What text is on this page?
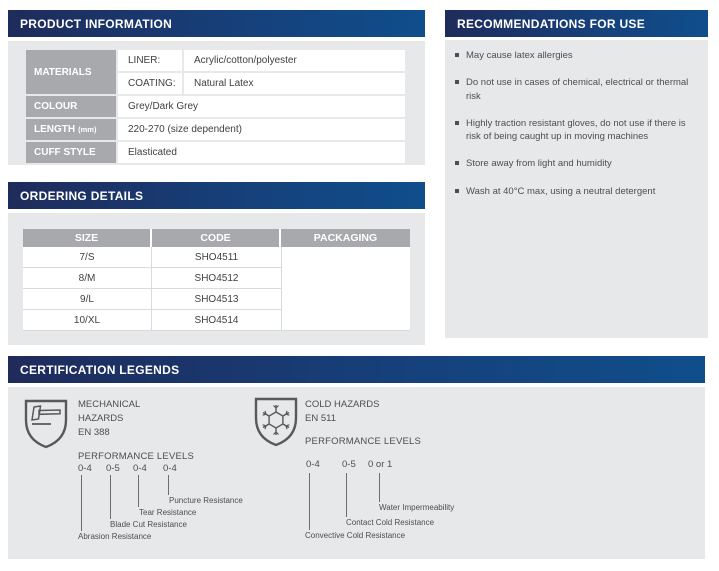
PRODUCT INFORMATION
MATERIALS
LINER:	Acrylic/cotton/polyester
COATING:	Natural Latex
COLOUR	Grey/Dark Grey
LENGTH (mm)	220-270 (size dependent)
CUFF STYLE	Elasticated
ORDERING DETAILS
SIZE	CODE	PACKAGING
7/S	SHO4511
8/M	SHO4512
9/L	SHO4513
10/XL	SHO4514
RECOMMENDATIONS FOR USE
May cause latex allergies
Do not use in cases of chemical, electrical or thermal risk
Highly traction resistant gloves, do not use if there is risk of being caught up in moving machines
Store away from light and humidity
Wash at 40°C max, using a neutral detergent
CERTIFICATION LEGENDS
MECHANICAL
HAZARDS
EN 388
PERFORMANCE LEVELS
0-4 0-5 0-4 0-4
Abrasion Resistance
Blade Cut Resistance
Tear Resistance
Puncture Resistance
COLD HAZARDS
EN 511
PERFORMANCE LEVELS
0-4 0-5 0 or 1
Convective Cold Resistance
Contact Cold Resistance
Water Impermeability
